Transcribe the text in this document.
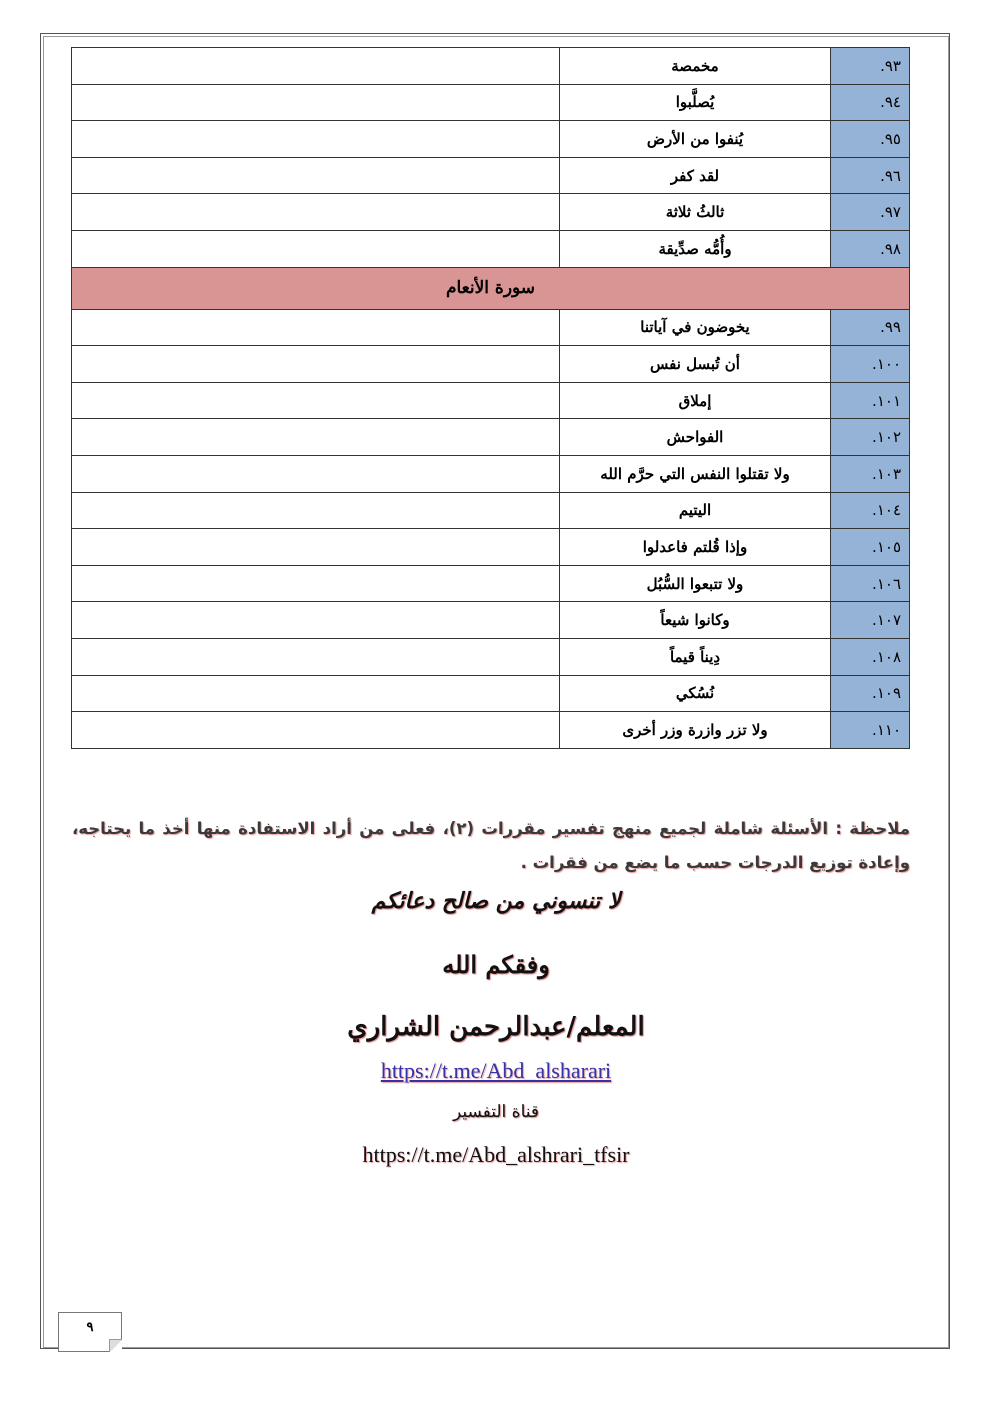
٩٣.	مخمصة	
٩٤.	يُصلَّبوا	
٩٥.	يُنفوا من الأرض	
٩٦.	لقد كفر	
٩٧.	ثالثُ ثلاثة	
٩٨.	وأُمُّه صدِّيقة	
سورة الأنعام		
٩٩.	يخوضون في آياتنا	
١٠٠.	أن تُبسل نفس	
١٠١.	إملاق	
١٠٢.	الفواحش	
١٠٣.	ولا تقتلوا النفس التي حرَّم الله	
١٠٤.	اليتيم	
١٠٥.	وإذا قُلتم فاعدلوا	
١٠٦.	ولا تتبعوا السُّبُل	
١٠٧.	وكانوا شيعاً	
١٠٨.	دِيناً قيماً	
١٠٩.	نُسُكي	
١١٠.	ولا تزر وازرة وزر أخرى	
ملاحظة : الأسئلة شاملة لجميع منهج تفسير مقررات (٢)، فعلى من أراد الاستفادة منها أخذ ما يحتاجه، وإعادة توزيع الدرجات حسب ما يضع من فقرات .
لا تنسوني من صالح دعائكم
وفقكم الله
المعلم/عبدالرحمن الشراري
https://t.me/Abd_alsharari
قناة التفسير
https://t.me/Abd_alshrari_tfsir
٩
